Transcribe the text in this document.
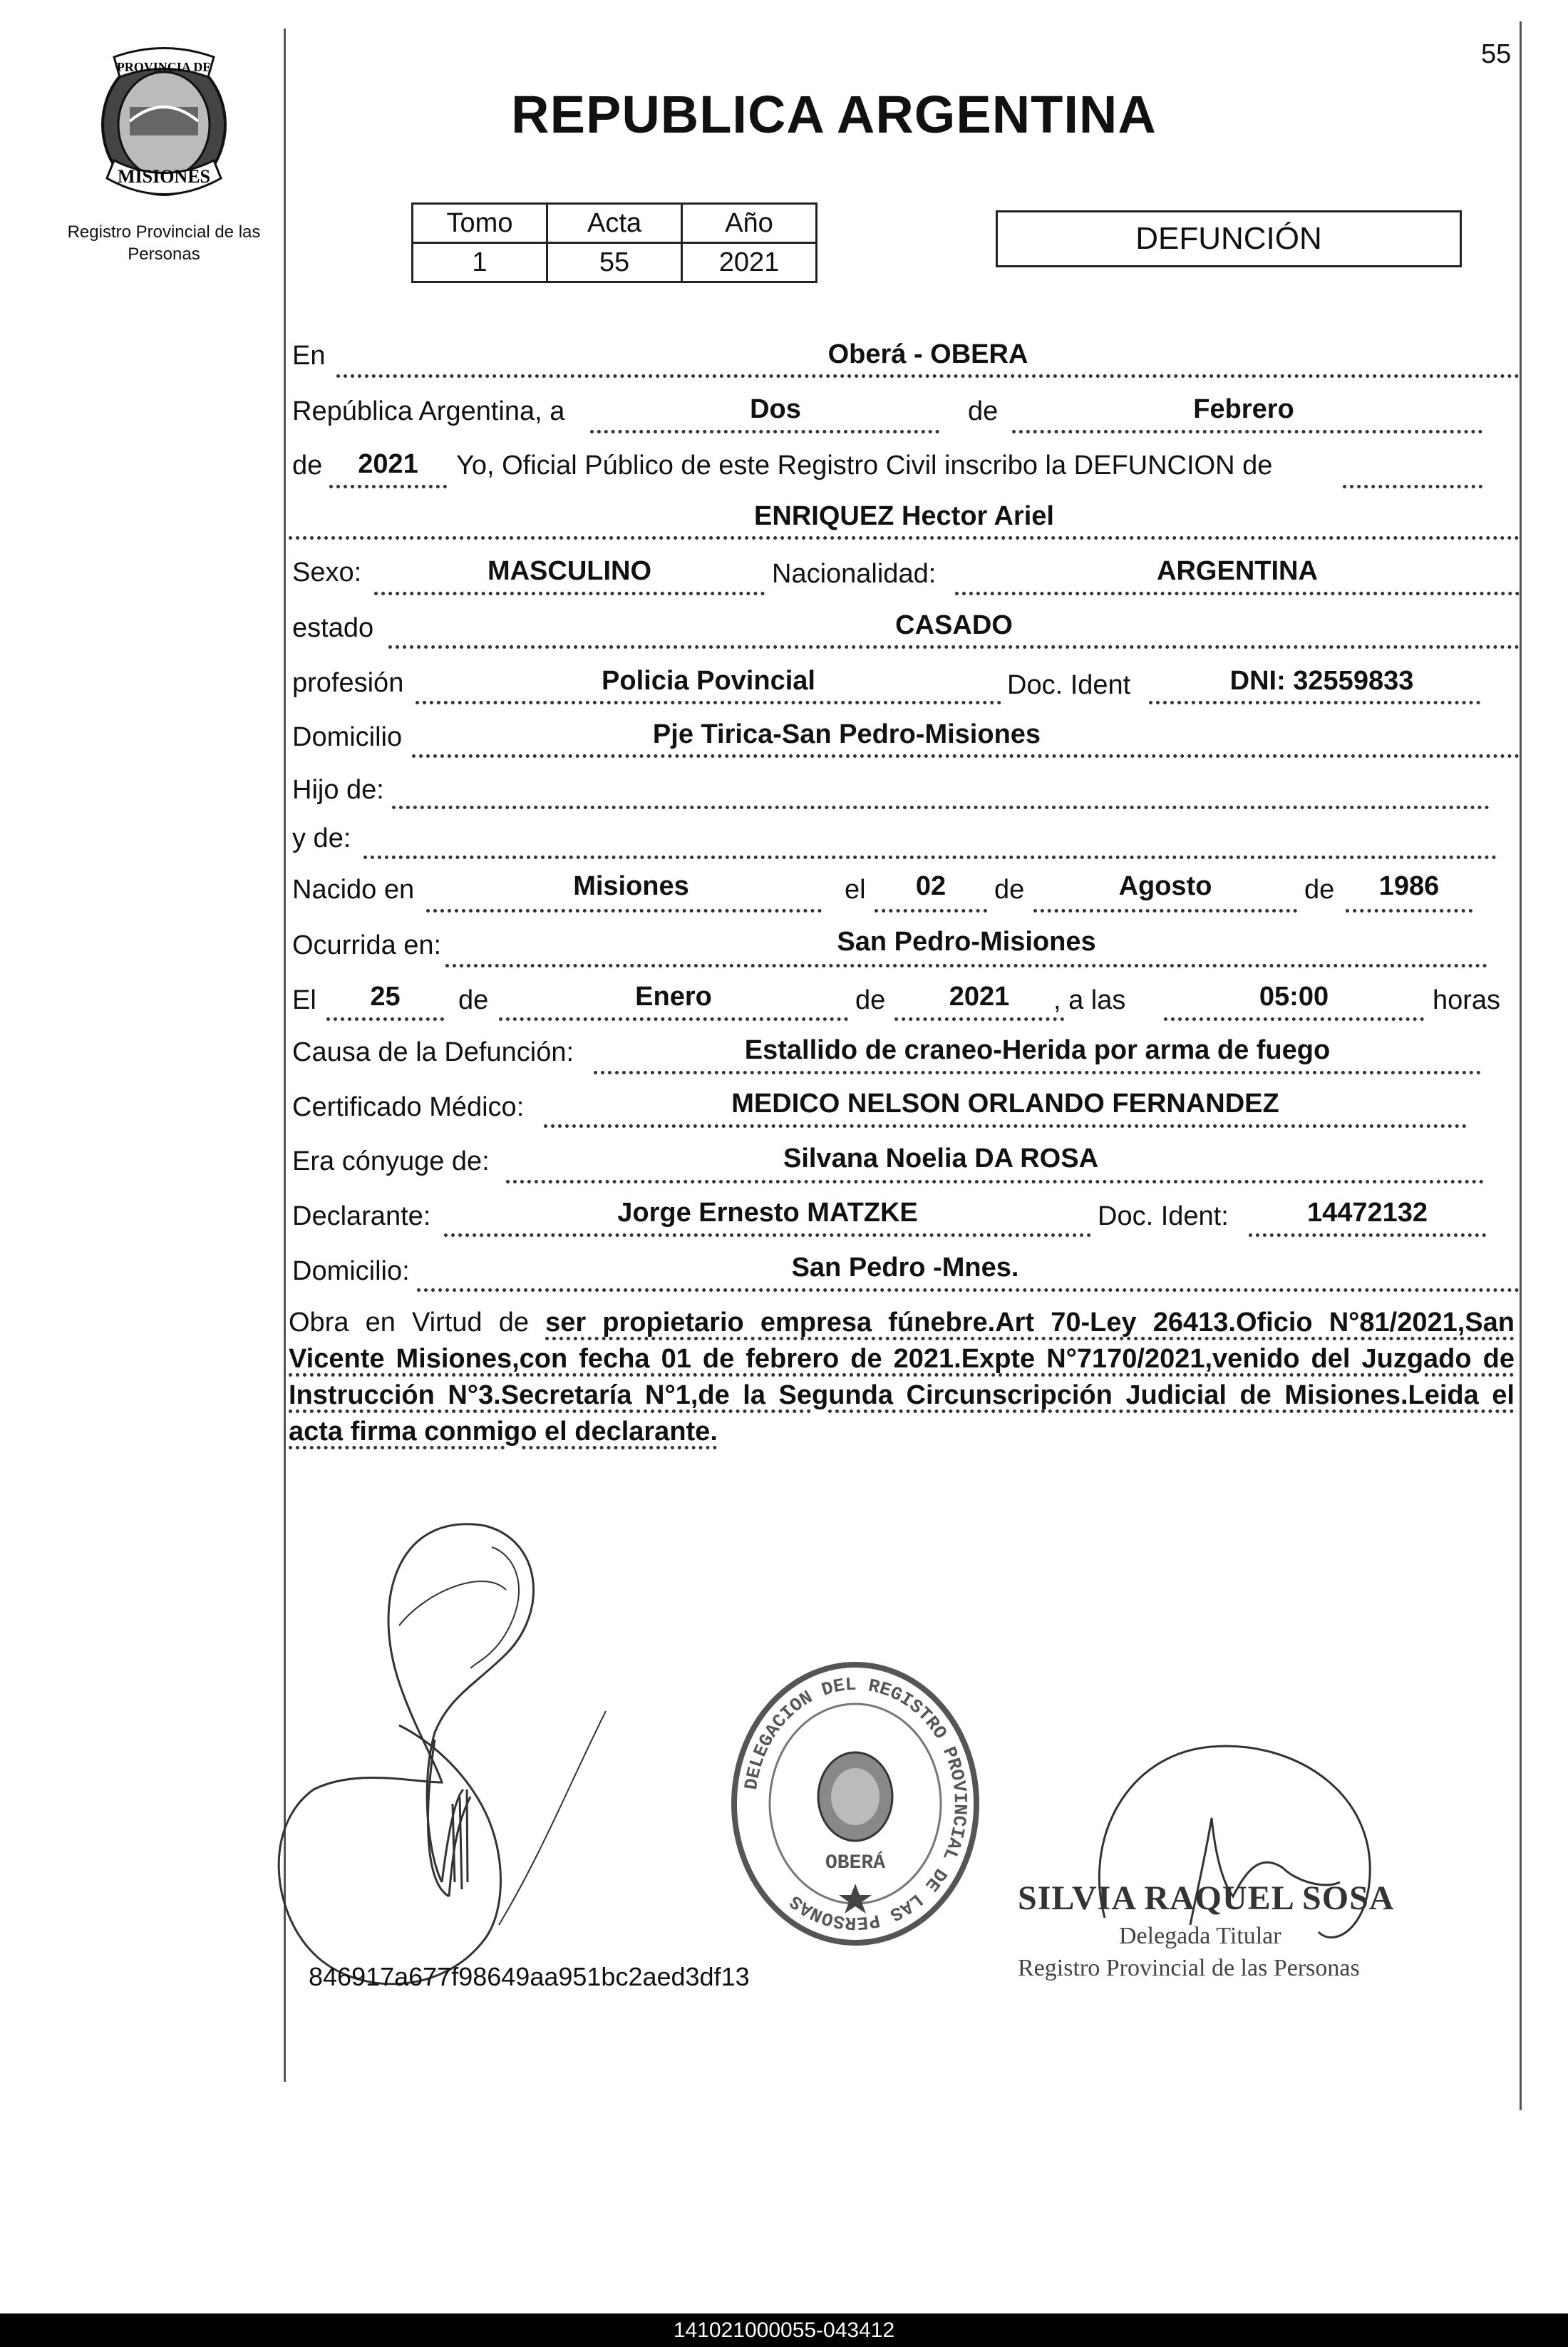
55
PROVINCIA DE
MISIONES
Registro Provincial de las Personas
REPUBLICA ARGENTINA
Tomo	Acta	Año
1	55	2021
DEFUNCIÓN
En	Oberá - OBERA
República Argentina, a	Dos	de	Febrero
de	2021	Yo, Oficial Público de este Registro Civil inscribo la DEFUNCION de
ENRIQUEZ Hector Ariel
Sexo:	MASCULINO	Nacionalidad:	ARGENTINA
estado	CASADO
profesión	Policia Povincial	Doc. Ident	DNI: 32559833
Domicilio	Pje Tirica-San Pedro-Misiones
Hijo de:
y de:
Nacido en	Misiones	el	02	de	Agosto	de	1986
Ocurrida en:	San Pedro-Misiones
El	25	de	Enero	de	2021	, a las	05:00	horas
Causa de la Defunción:	Estallido de craneo-Herida por arma de fuego
Certificado Médico:	MEDICO NELSON ORLANDO FERNANDEZ
Era cónyuge de:	Silvana Noelia DA ROSA
Declarante:	Jorge Ernesto MATZKE	Doc. Ident:	14472132
Domicilio:	San Pedro -Mnes.
Obra en Virtud de ser propietario empresa fúnebre.Art 70-Ley 26413.Oficio N°81/2021,San Vicente Misiones,con fecha 01 de febrero de 2021.Expte N°7170/2021,venido del Juzgado de Instrucción N°3.Secretaría N°1,de la Segunda Circunscripción Judicial de Misiones.Leida el acta firma conmigo el declarante.
DELEGACION DEL REGISTRO PROVINCIAL DE LAS PERSONAS
OBERÁ
SILVIA RAQUEL SOSA
Delegada Titular
Registro Provincial de las Personas
846917a677f98649aa951bc2aed3df13
141021000055-043412
